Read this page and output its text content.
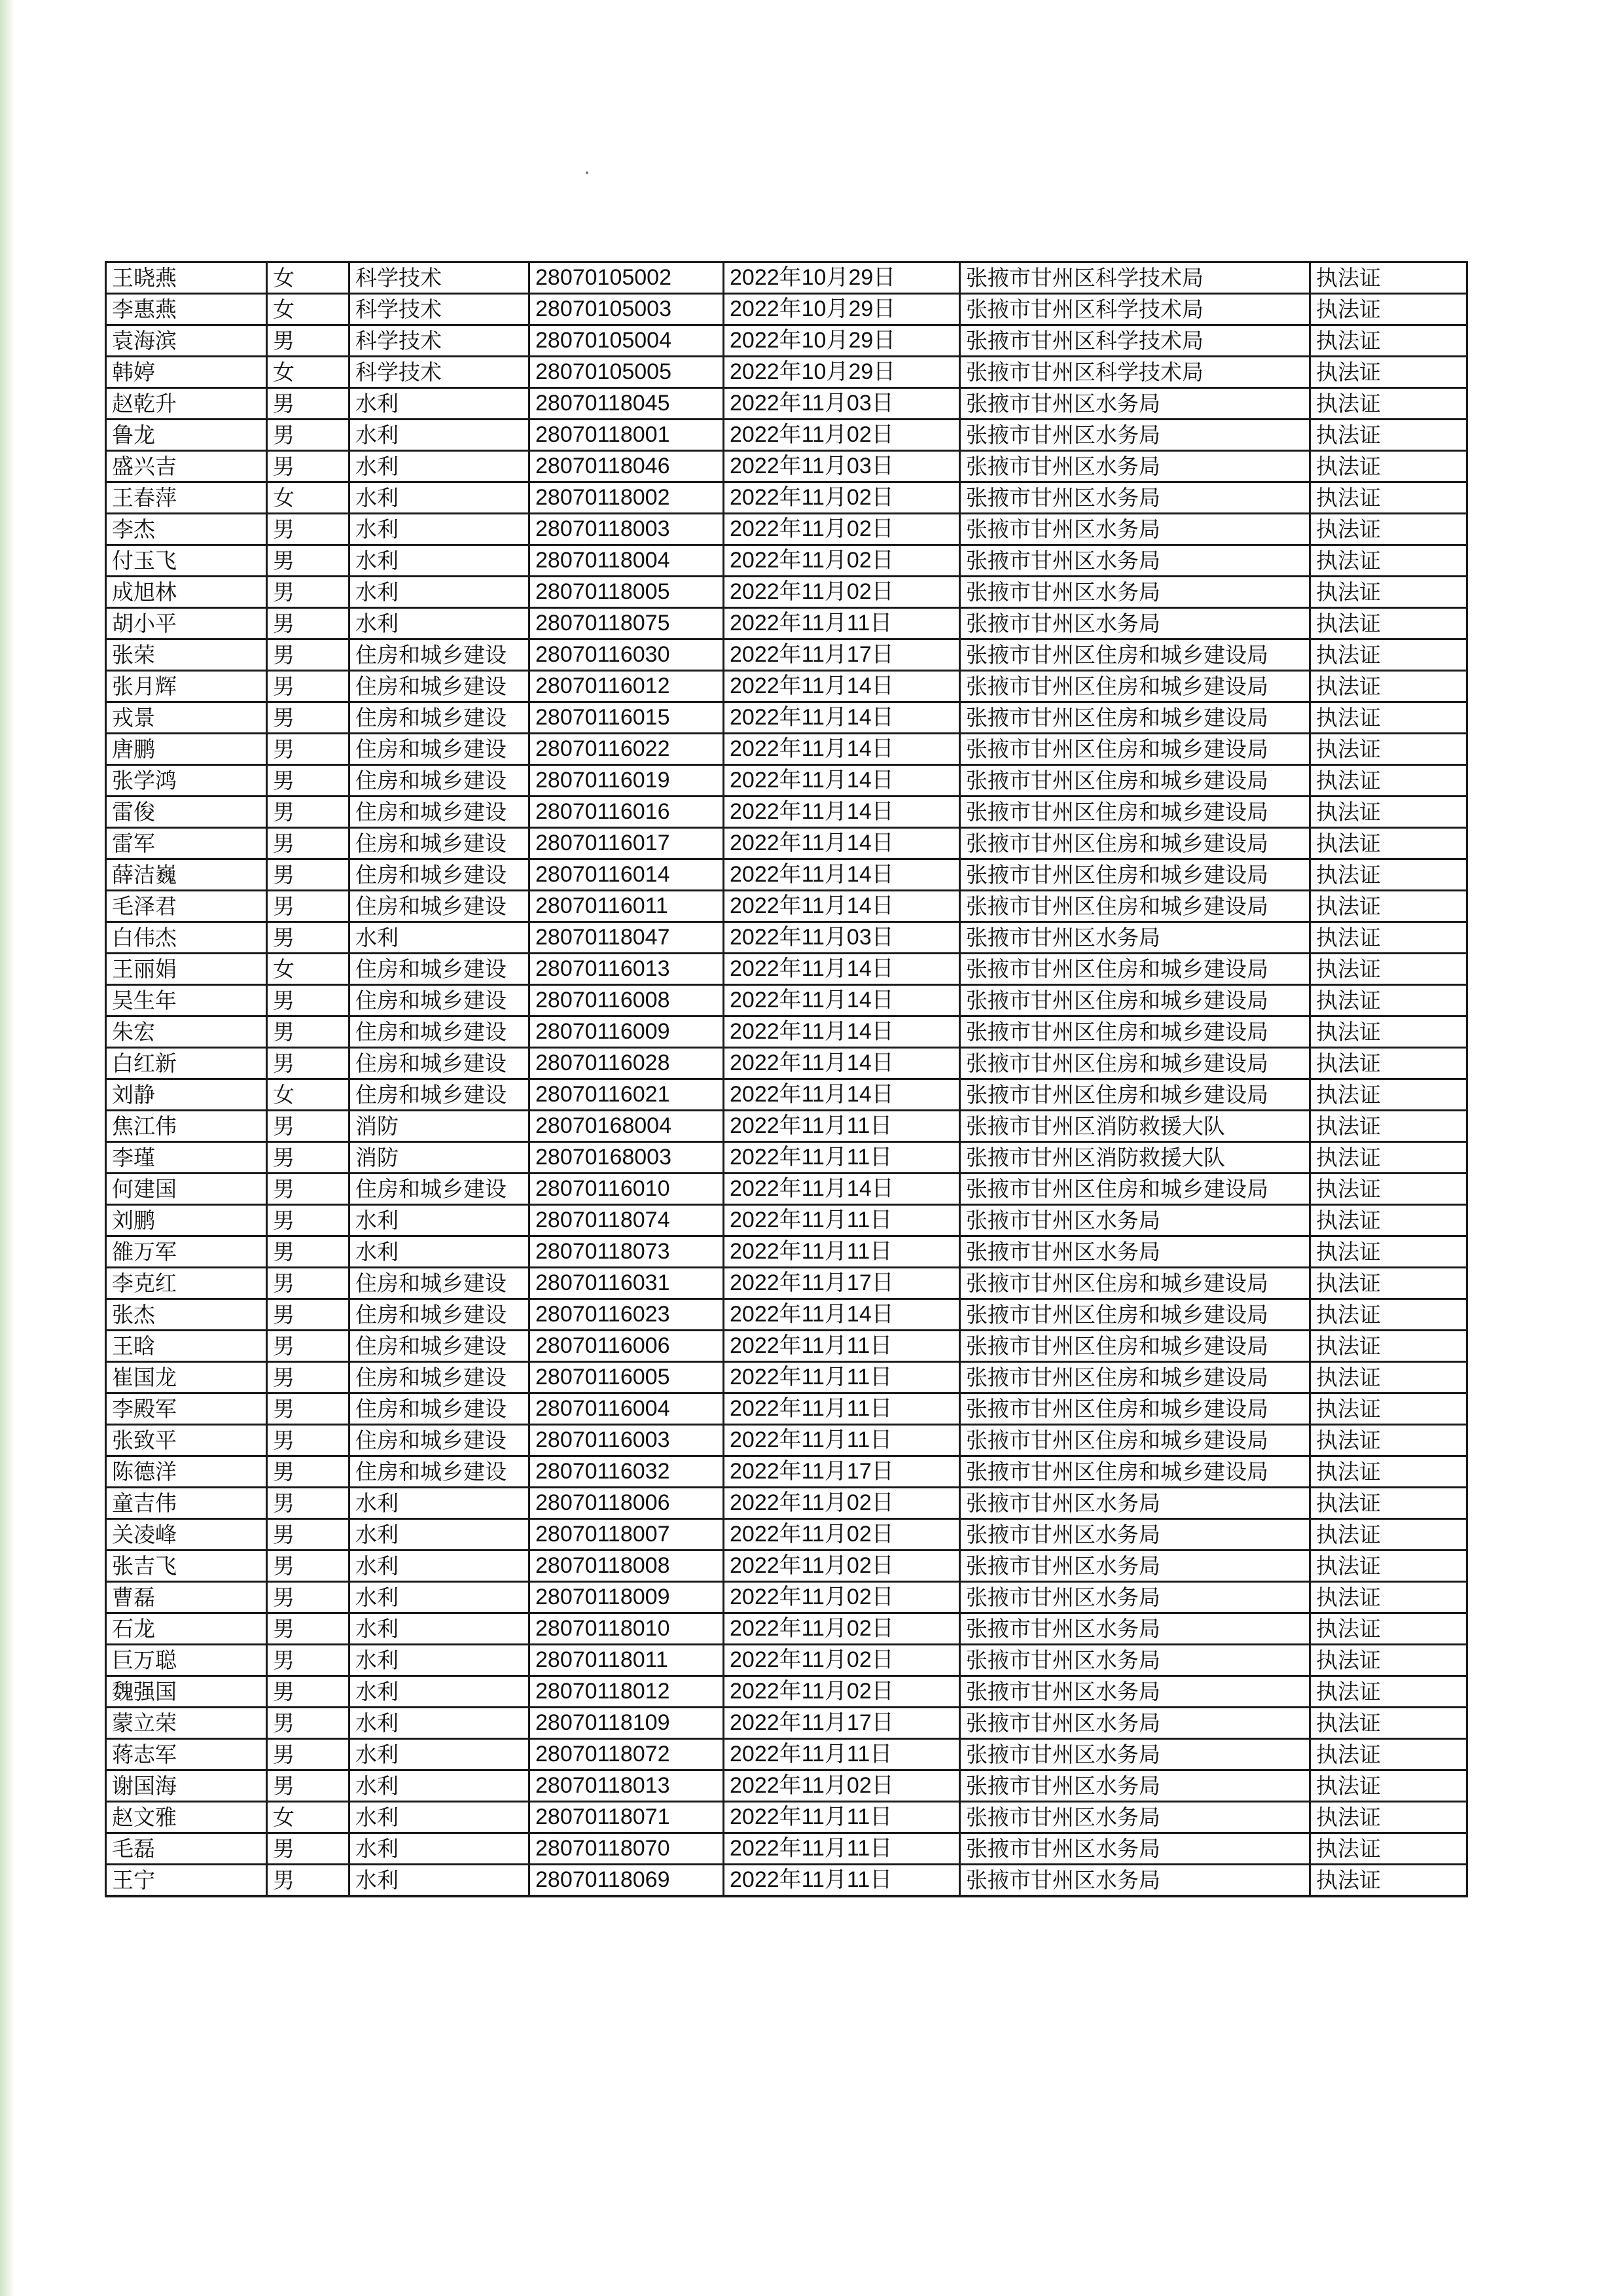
王晓燕	女	科学技术	28070105002	2022年10月29日	张掖市甘州区科学技术局	执法证
李惠燕	女	科学技术	28070105003	2022年10月29日	张掖市甘州区科学技术局	执法证
袁海滨	男	科学技术	28070105004	2022年10月29日	张掖市甘州区科学技术局	执法证
韩婷	女	科学技术	28070105005	2022年10月29日	张掖市甘州区科学技术局	执法证
赵乾升	男	水利	28070118045	2022年11月03日	张掖市甘州区水务局	执法证
鲁龙	男	水利	28070118001	2022年11月02日	张掖市甘州区水务局	执法证
盛兴吉	男	水利	28070118046	2022年11月03日	张掖市甘州区水务局	执法证
王春萍	女	水利	28070118002	2022年11月02日	张掖市甘州区水务局	执法证
李杰	男	水利	28070118003	2022年11月02日	张掖市甘州区水务局	执法证
付玉飞	男	水利	28070118004	2022年11月02日	张掖市甘州区水务局	执法证
成旭林	男	水利	28070118005	2022年11月02日	张掖市甘州区水务局	执法证
胡小平	男	水利	28070118075	2022年11月11日	张掖市甘州区水务局	执法证
张荣	男	住房和城乡建设	28070116030	2022年11月17日	张掖市甘州区住房和城乡建设局	执法证
张月辉	男	住房和城乡建设	28070116012	2022年11月14日	张掖市甘州区住房和城乡建设局	执法证
戎景	男	住房和城乡建设	28070116015	2022年11月14日	张掖市甘州区住房和城乡建设局	执法证
唐鹏	男	住房和城乡建设	28070116022	2022年11月14日	张掖市甘州区住房和城乡建设局	执法证
张学鸿	男	住房和城乡建设	28070116019	2022年11月14日	张掖市甘州区住房和城乡建设局	执法证
雷俊	男	住房和城乡建设	28070116016	2022年11月14日	张掖市甘州区住房和城乡建设局	执法证
雷军	男	住房和城乡建设	28070116017	2022年11月14日	张掖市甘州区住房和城乡建设局	执法证
薛洁巍	男	住房和城乡建设	28070116014	2022年11月14日	张掖市甘州区住房和城乡建设局	执法证
毛泽君	男	住房和城乡建设	28070116011	2022年11月14日	张掖市甘州区住房和城乡建设局	执法证
白伟杰	男	水利	28070118047	2022年11月03日	张掖市甘州区水务局	执法证
王丽娟	女	住房和城乡建设	28070116013	2022年11月14日	张掖市甘州区住房和城乡建设局	执法证
吴生年	男	住房和城乡建设	28070116008	2022年11月14日	张掖市甘州区住房和城乡建设局	执法证
朱宏	男	住房和城乡建设	28070116009	2022年11月14日	张掖市甘州区住房和城乡建设局	执法证
白红新	男	住房和城乡建设	28070116028	2022年11月14日	张掖市甘州区住房和城乡建设局	执法证
刘静	女	住房和城乡建设	28070116021	2022年11月14日	张掖市甘州区住房和城乡建设局	执法证
焦江伟	男	消防	28070168004	2022年11月11日	张掖市甘州区消防救援大队	执法证
李瑾	男	消防	28070168003	2022年11月11日	张掖市甘州区消防救援大队	执法证
何建国	男	住房和城乡建设	28070116010	2022年11月14日	张掖市甘州区住房和城乡建设局	执法证
刘鹏	男	水利	28070118074	2022年11月11日	张掖市甘州区水务局	执法证
雒万军	男	水利	28070118073	2022年11月11日	张掖市甘州区水务局	执法证
李克红	男	住房和城乡建设	28070116031	2022年11月17日	张掖市甘州区住房和城乡建设局	执法证
张杰	男	住房和城乡建设	28070116023	2022年11月14日	张掖市甘州区住房和城乡建设局	执法证
王晗	男	住房和城乡建设	28070116006	2022年11月11日	张掖市甘州区住房和城乡建设局	执法证
崔国龙	男	住房和城乡建设	28070116005	2022年11月11日	张掖市甘州区住房和城乡建设局	执法证
李殿军	男	住房和城乡建设	28070116004	2022年11月11日	张掖市甘州区住房和城乡建设局	执法证
张致平	男	住房和城乡建设	28070116003	2022年11月11日	张掖市甘州区住房和城乡建设局	执法证
陈德洋	男	住房和城乡建设	28070116032	2022年11月17日	张掖市甘州区住房和城乡建设局	执法证
童吉伟	男	水利	28070118006	2022年11月02日	张掖市甘州区水务局	执法证
关凌峰	男	水利	28070118007	2022年11月02日	张掖市甘州区水务局	执法证
张吉飞	男	水利	28070118008	2022年11月02日	张掖市甘州区水务局	执法证
曹磊	男	水利	28070118009	2022年11月02日	张掖市甘州区水务局	执法证
石龙	男	水利	28070118010	2022年11月02日	张掖市甘州区水务局	执法证
巨万聪	男	水利	28070118011	2022年11月02日	张掖市甘州区水务局	执法证
魏强国	男	水利	28070118012	2022年11月02日	张掖市甘州区水务局	执法证
蒙立荣	男	水利	28070118109	2022年11月17日	张掖市甘州区水务局	执法证
蒋志军	男	水利	28070118072	2022年11月11日	张掖市甘州区水务局	执法证
谢国海	男	水利	28070118013	2022年11月02日	张掖市甘州区水务局	执法证
赵文雅	女	水利	28070118071	2022年11月11日	张掖市甘州区水务局	执法证
毛磊	男	水利	28070118070	2022年11月11日	张掖市甘州区水务局	执法证
王宁	男	水利	28070118069	2022年11月11日	张掖市甘州区水务局	执法证
